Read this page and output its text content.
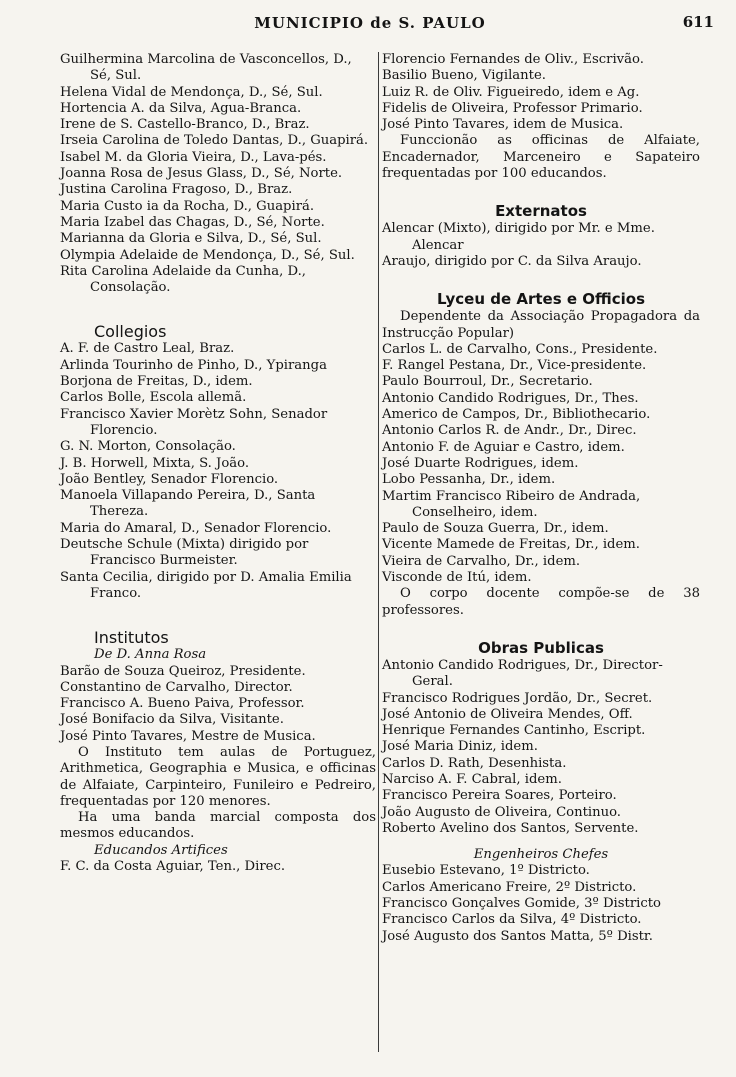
MUNICIPIO de S. PAULO	611
Guilhermina Marcolina de Vasconcellos, D., Sé, Sul.
Helena Vidal de Mendonça, D., Sé, Sul.
Hortencia A. da Silva, Agua-Branca.
Irene de S. Castello-Branco, D., Braz.
Irseia Carolina de Toledo Dantas, D., Guapirá.
Isabel M. da Gloria Vieira, D., Lava-pés.
Joanna Rosa de Jesus Glass, D., Sé, Norte.
Justina Carolina Fragoso, D., Braz.
Maria Custo ia da Rocha, D., Guapirá.
Maria Izabel das Chagas, D., Sé, Norte.
Marianna da Gloria e Silva, D., Sé, Sul.
Olympia Adelaide de Mendonça, D., Sé, Sul.
Rita Carolina Adelaide da Cunha, D., Consolação.
Collegios
A. F. de Castro Leal, Braz.
Arlinda Tourinho de Pinho, D., Ypiranga
Borjona de Freitas, D., idem.
Carlos Bolle, Escola allemã.
Francisco Xavier Morètz Sohn, Senador Florencio.
G. N. Morton, Consolação.
J. B. Horwell, Mixta, S. João.
João Bentley, Senador Florencio.
Manoela Villapando Pereira, D., Santa Thereza.
Maria do Amaral, D., Senador Florencio.
Deutsche Schule (Mixta) dirigido por Francisco Burmeister.
Santa Cecilia, dirigido por D. Amalia Emilia Franco.
Institutos
De D. Anna Rosa
Barão de Souza Queiroz, Presidente.
Constantino de Carvalho, Director.
Francisco A. Bueno Paiva, Professor.
José Bonifacio da Silva, Visitante.
José Pinto Tavares, Mestre de Musica.
O Instituto tem aulas de Portuguez, Arithmetica, Geographia e Musica, e officinas de Alfaiate, Carpinteiro, Funileiro e Pedreiro, frequentadas por 120 menores.
Ha uma banda marcial composta dos mesmos educandos.
Educandos Artifices
F. C. da Costa Aguiar, Ten., Direc.
Florencio Fernandes de Oliv., Escrivão.
Basilio Bueno, Vigilante.
Luiz R. de Oliv. Figueiredo, idem e Ag.
Fidelis de Oliveira, Professor Primario.
José Pinto Tavares, idem de Musica.
Funccionão as officinas de Alfaiate, Encadernador, Marceneiro e Sapateiro frequentadas por 100 educandos.
Externatos
Alencar (Mixto), dirigido por Mr. e Mme. Alencar
Araujo, dirigido por C. da Silva Araujo.
Lyceu de Artes e Officios
Dependente da Associação Propagadora da Instrucção Popular)
Carlos L. de Carvalho, Cons., Presidente.
F. Rangel Pestana, Dr., Vice-presidente.
Paulo Bourroul, Dr., Secretario.
Antonio Candido Rodrigues, Dr., Thes.
Americo de Campos, Dr., Bibliothecario.
Antonio Carlos R. de Andr., Dr., Direc.
Antonio F. de Aguiar e Castro, idem.
José Duarte Rodrigues, idem.
Lobo Pessanha, Dr., idem.
Martim Francisco Ribeiro de Andrada, Conselheiro, idem.
Paulo de Souza Guerra, Dr., idem.
Vicente Mamede de Freitas, Dr., idem.
Vieira de Carvalho, Dr., idem.
Visconde de Itú, idem.
O corpo docente compõe-se de 38 professores.
Obras Publicas
Antonio Candido Rodrigues, Dr., Director-Geral.
Francisco Rodrigues Jordão, Dr., Secret.
José Antonio de Oliveira Mendes, Off.
Henrique Fernandes Cantinho, Escript.
José Maria Diniz, idem.
Carlos D. Rath, Desenhista.
Narciso A. F. Cabral, idem.
Francisco Pereira Soares, Porteiro.
João Augusto de Oliveira, Continuo.
Roberto Avelino dos Santos, Servente.
Engenheiros Chefes
Eusebio Estevano, 1º Districto.
Carlos Americano Freire, 2º Districto.
Francisco Gonçalves Gomide, 3º Districto
Francisco Carlos da Silva, 4º Districto.
José Augusto dos Santos Matta, 5º Distr.
